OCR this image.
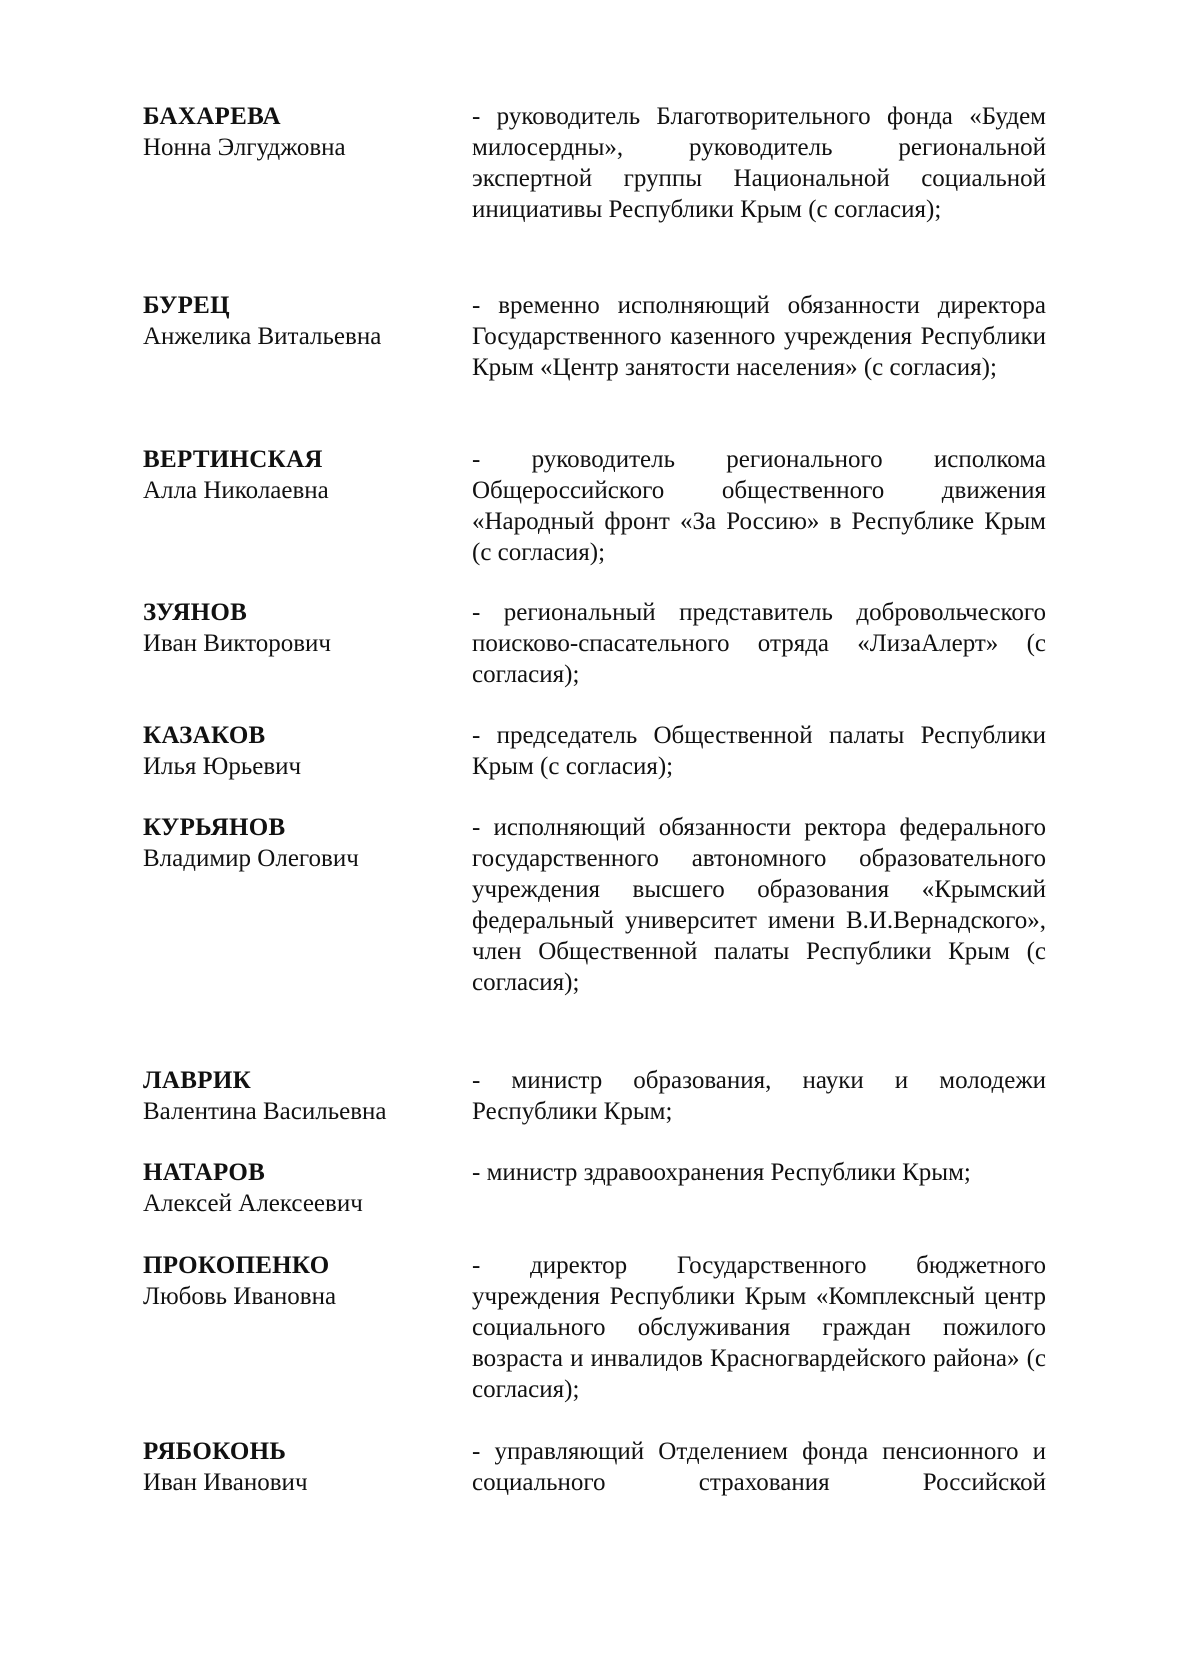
БАХАРЕВА
Нонна Элгуджовна
- руководитель Благотворительного фонда «Будем милосердны», руководитель региональной экспертной группы Национальной социальной инициативы Республики Крым (с согласия);
БУРЕЦ
Анжелика Витальевна
- временно исполняющий обязанности директора Государственного казенного учреждения Республики Крым «Центр занятости населения» (с согласия);
ВЕРТИНСКАЯ
Алла Николаевна
- руководитель регионального исполкома Общероссийского общественного движения «Народный фронт «За Россию» в Республике Крым (с согласия);
ЗУЯНОВ
Иван Викторович
- региональный представитель добровольческого поисково-спасательного отряда «ЛизаАлерт» (с согласия);
КАЗАКОВ
Илья Юрьевич
- председатель Общественной палаты Республики Крым (с согласия);
КУРЬЯНОВ
Владимир Олегович
- исполняющий обязанности ректора федерального государственного автономного образовательного учреждения высшего образования «Крымский федеральный университет имени В.И.Вернадского», член Общественной палаты Республики Крым (с согласия);
ЛАВРИК
Валентина Васильевна
- министр образования, науки и молодежи Республики Крым;
НАТАРОВ
Алексей Алексеевич
- министр здравоохранения Республики Крым;
ПРОКОПЕНКО
Любовь Ивановна
- директор Государственного бюджетного учреждения Республики Крым «Комплексный центр социального обслуживания граждан пожилого возраста и инвалидов Красногвардейского района» (с согласия);
РЯБОКОНЬ
Иван Иванович
- управляющий Отделением фонда пенсионного и социального страхования Российской
